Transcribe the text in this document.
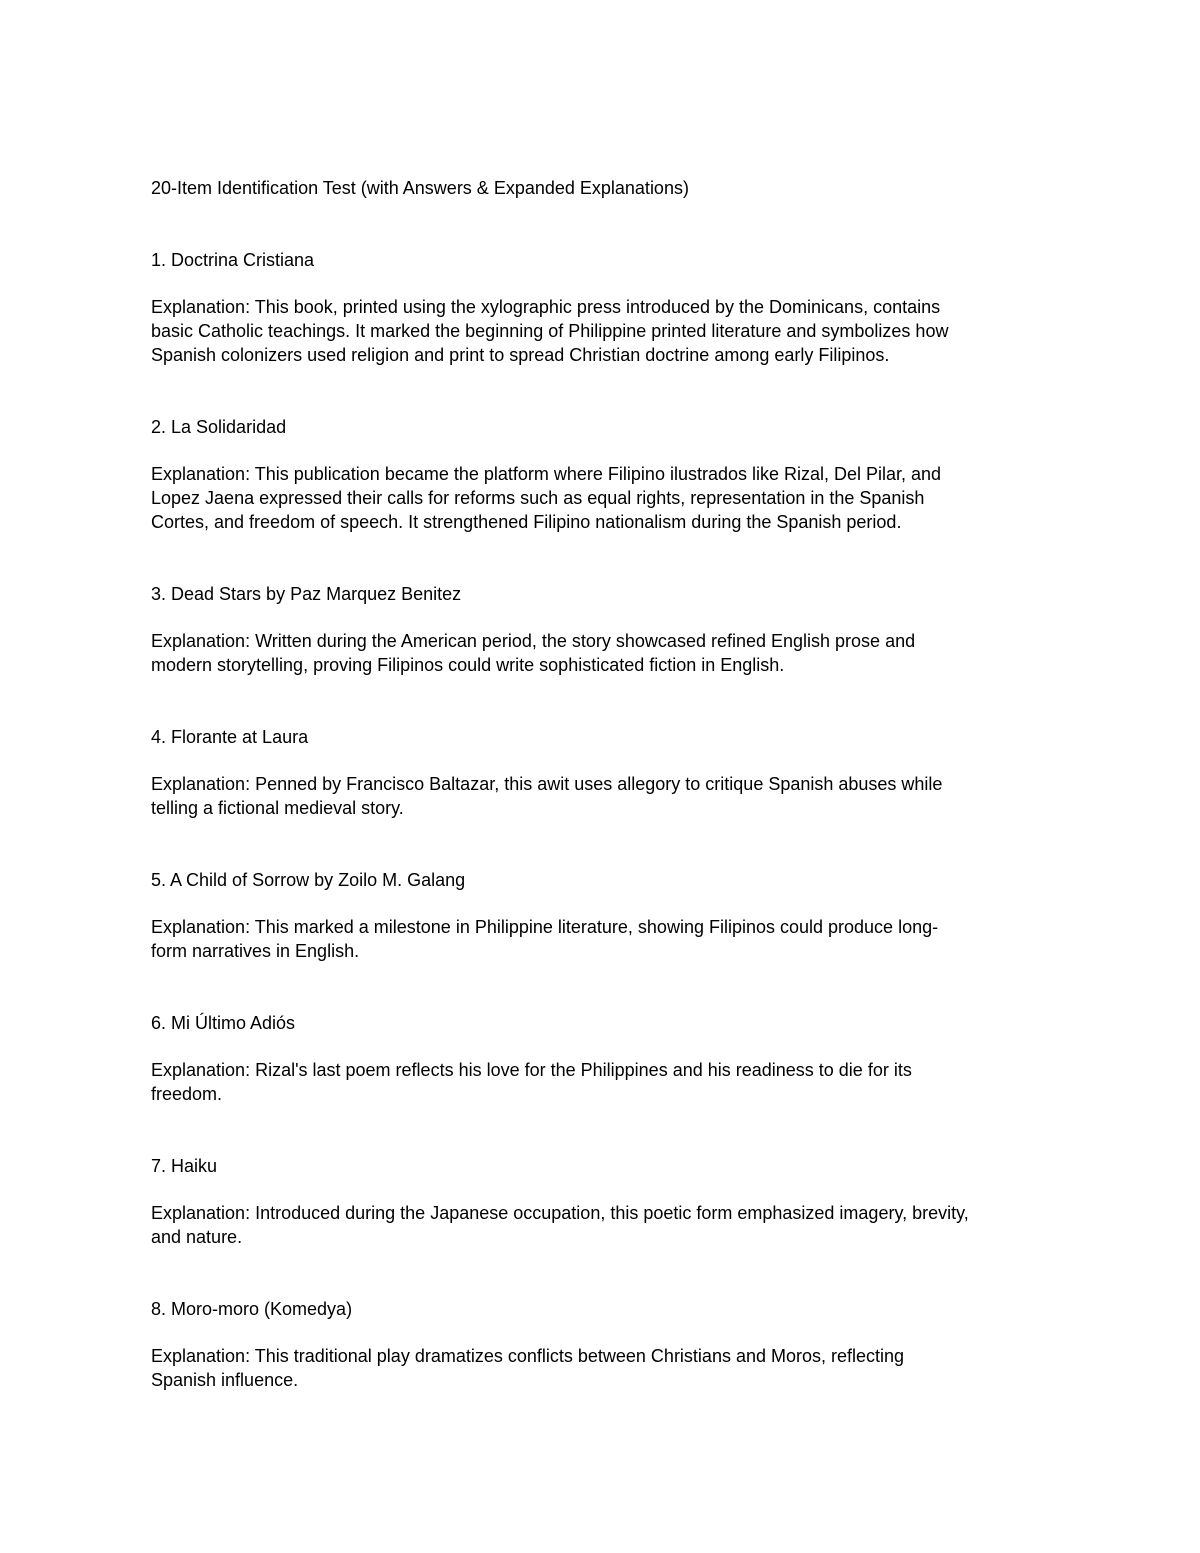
20-Item Identification Test (with Answers & Expanded Explanations)
1. Doctrina Cristiana

Explanation: This book, printed using the xylographic press introduced by the Dominicans, contains basic Catholic teachings. It marked the beginning of Philippine printed literature and symbolizes how Spanish colonizers used religion and print to spread Christian doctrine among early Filipinos.

2. La Solidaridad

Explanation: This publication became the platform where Filipino ilustrados like Rizal, Del Pilar, and Lopez Jaena expressed their calls for reforms such as equal rights, representation in the Spanish Cortes, and freedom of speech. It strengthened Filipino nationalism during the Spanish period.

3. Dead Stars by Paz Marquez Benitez

Explanation: Written during the American period, the story showcased refined English prose and modern storytelling, proving Filipinos could write sophisticated fiction in English.

4. Florante at Laura

Explanation: Penned by Francisco Baltazar, this awit uses allegory to critique Spanish abuses while telling a fictional medieval story.

5. A Child of Sorrow by Zoilo M. Galang

Explanation: This marked a milestone in Philippine literature, showing Filipinos could produce long-form narratives in English.

6. Mi Último Adiós

Explanation: Rizal's last poem reflects his love for the Philippines and his readiness to die for its freedom.

7. Haiku

Explanation: Introduced during the Japanese occupation, this poetic form emphasized imagery, brevity, and nature.

8. Moro-moro (Komedya)

Explanation: This traditional play dramatizes conflicts between Christians and Moros, reflecting Spanish influence.
